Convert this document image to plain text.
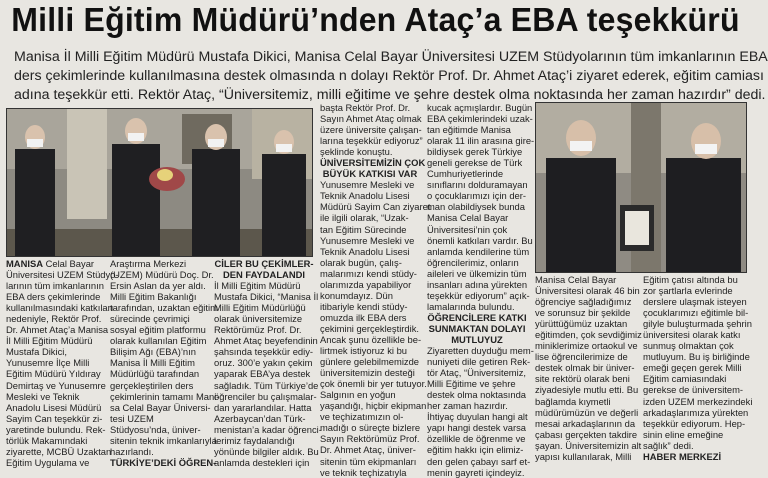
Milli Eğitim Müdürü’nden Ataç’a EBA teşekkürü
Manisa İl Milli Eğitim Müdürü Mustafa Dikici, Manisa Celal Bayar Üniversitesi UZEM Stüdyolarının tüm imkanlarının EBA
ders çekimlerinde kullanılmasına destek olmasında n dolayı Rektör Prof. Dr. Ahmet Ataç’i ziyaret ederek, eğitim camiası
adına teşekkür etti. Rektör Ataç, “Üniversitemiz, milli eğitime ve şehre destek olma noktasında her zaman hazırdır” dedi.
MANISA Celal Bayar
Üniversitesi UZEM Stüdyo-
larının tüm imkanlarının
EBA ders çekimlerinde
kullanılmasındaki katkıları
nedeniyle, Rektör Prof.
Dr. Ahmet Ataç’a Manisa
İl Milli Eğitim Müdürü
Mustafa Dikici,
Yunusemre İlçe Milli
Eğitim Müdürü Yıldıray
Demirtaş ve Yunusemre
Mesleki ve Teknik
Anadolu Lisesi Müdürü
Sayim Can teşekkür zi-
yaretinde bulundu. Rek-
törlük Makamındaki
ziyarette, MCBÜ Uzaktan
Eğitim Uygulama ve
Araştırma Merkezi
(UZEM) Müdürü Doç. Dr.
Ersin Aslan da yer aldı.
Milli Eğitim Bakanlığı
tarafından, uzaktan eğitim
sürecinde çevrimiçi
sosyal eğitim platformu
olarak kullanılan Eğitim
Bilişim Ağı (EBA)’nın
Manisa İl Milli Eğitim
Müdürlüğü tarafından
gerçekleştirilen ders
çekimlerinin tamamı Mani-
sa Celal Bayar Üniversi-
tesi UZEM
Stüdyosu’nda, üniver-
sitenin teknik imkanlarıyla
hazırlandı.
TÜRKİYE’DEKİ ÖĞREN-
CİLER BU ÇEKİMLER-
DEN FAYDALANDI
İl Milli Eğitim Müdürü
Mustafa Dikici, “Manisa İl
Milli Eğitim Müdürlüğü
olarak üniversitemize
Rektörümüz Prof. Dr.
Ahmet Ataç beyefendinin
şahsında teşekkür ediy-
oruz. 300’e yakın çekim
yaparak EBA’ya destek
sağladık. Tüm Türkiye’de
öğrenciler bu çalışmalar-
dan yararlandılar. Hatta
Azerbaycan’dan Türk-
menistan’a kadar öğrenci-
lerimiz faydalandığı
yönünde bilgiler aldık. Bu
anlamda destekleri için
başta Rektör Prof. Dr.
Sayın Ahmet Ataç olmak
üzere üniversite çalışan-
larına teşekkür ediyoruz”
şeklinde konuştu.
ÜNİVERSİTEMİZİN ÇOK
BÜYÜK KATKISI VAR
Yunusemre Mesleki ve
Teknik Anadolu Lisesi
Müdürü Sayim Can ziyaret
ile ilgili olarak, “Uzak-
tan Eğitim Sürecinde
Yunusemre Mesleki ve
Teknik Anadolu Lisesi
olarak bugün, çalış-
malarımızı kendi stüdy-
olarımızda yapabiliyor
konumdayız. Dün
itibariyle kendi stüdy-
omuzda ilk EBA ders
çekimini gerçekleştirdik.
Ancak şunu özellikle be-
lirtmek istiyoruz ki bu
günlere gelebilmemizde
üniversitemizin desteği
çok önemli bir yer tutuyor.
Salgının en yoğun
yaşandığı, hiçbir ekipman
ve teçhizatımızın ol-
madığı o süreçte bizlere
Sayın Rektörümüz Prof.
Dr. Ahmet Ataç, üniver-
sitenin tüm ekipmanları
ve teknik teçhizatıyla
kucak açmışlardır. Bugün
EBA çekimlerindeki uzak-
tan eğitimde Manisa
olarak 11 ilin arasına gire-
bildiysek gerek Türkiye
geneli gerekse de Türk
Cumhuriyetlerinde
sınıflarını dolduramayan
o çocuklarımızı için der-
man olabildiysek bunda
Manisa Celal Bayar
Üniversitesi’nin çok
önemli katkıları vardır. Bu
anlamda kendilerine tüm
öğrencilerimiz, onların
aileleri ve ülkemizin tüm
insanları adına yürekten
teşekkür ediyorum” açık-
lamalarında bulundu.
ÖĞRENCİLERE KATKI
SUNMAKTAN DOLAYI
MUTLUYUZ
Ziyaretten duyduğu mem-
nuniyeti dile getiren Rek-
tör Ataç, “Üniversitemiz,
Milli Eğitime ve şehre
destek olma noktasında
her zaman hazırdır.
İhtiyaç duyulan hangi alt
yapı hangi destek varsa
özellikle de öğrenme ve
eğitim hakkı için elimiz-
den gelen çabayı sarf et-
menin gayreti içindeyiz.
Manisa Celal Bayar
Üniversitesi olarak 46 bin
öğrenciye sağladığımız
ve sorunsuz bir şekilde
yürüttüğümüz uzaktan
eğitimden, çok sevdiğimiz
miniklerimize ortaokul ve
lise öğrencilerimize de
destek olmak bir üniver-
site rektörü olarak beni
ziyadesiyle mutlu etti. Bu
bağlamda kıymetli
müdürümüzün ve değerli
mesai arkadaşlarının da
çabası gerçekten takdire
şayan. Üniversitemizin alt
yapısı kullanılarak, Milli
Eğitim çatısı altında bu
zor şartlarla evlerinde
derslere ulaşmak isteyen
çocuklarımızı eğitimle bil-
gilyle buluşturmada şehrin
üniversitesi olarak katkı
sunmuş olmaktan çok
mutluyum. Bu iş birliğinde
emeği geçen gerek Milli
Eğitim camiasındaki
gerekse de üniversitem-
izden UZEM merkezindeki
arkadaşlarımıza yürekten
teşekkür ediyorum. Hep-
sinin eline emeğine
sağlık” dedi.
HABER MERKEZİ
